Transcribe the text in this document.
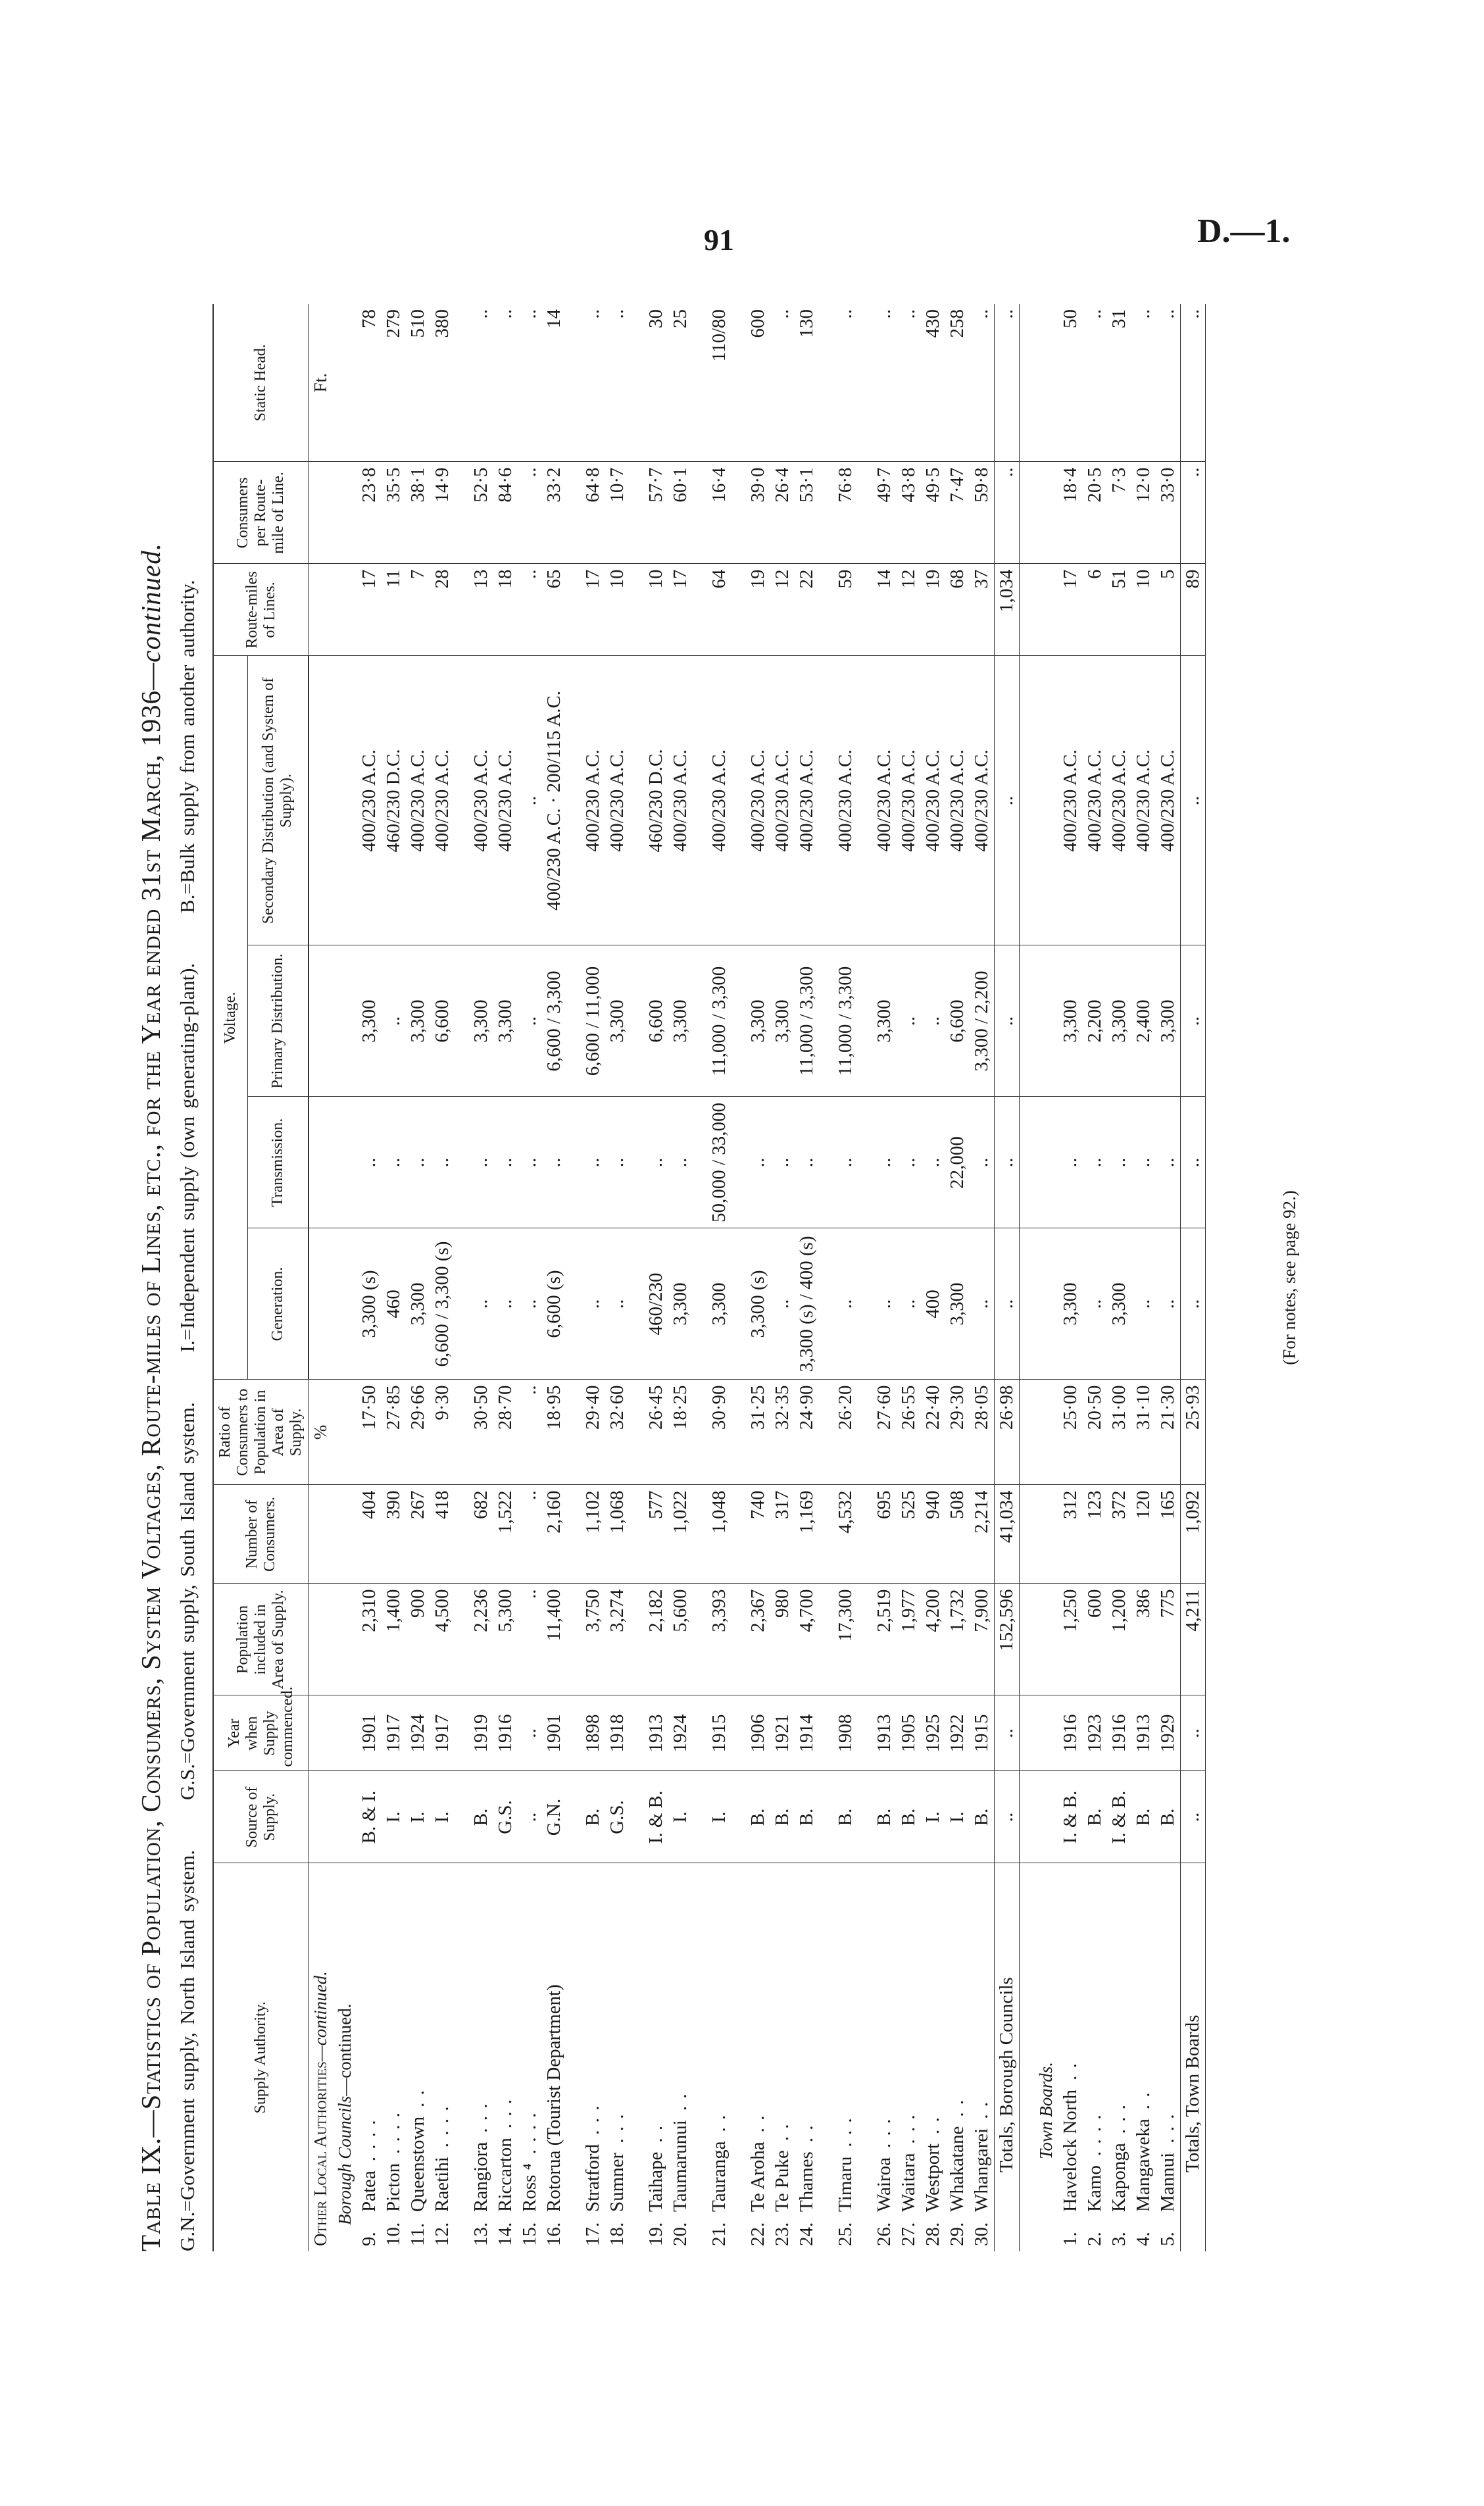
91	D.—1.
Table IX.—Statistics of Population, Consumers, System Voltages, Route-miles of Lines, etc., for the Year ended 31st March, 1936—continued.
G.N.=Government supply, North Island system. G.S.=Government supply, South Island system. I.=Independent supply (own generating-plant). B.=Bulk supply from another authority.
Supply Authority.	Source of Supply.	Year when Supply commenced.	Population included in Area of Supply.	Number of Consumers.	Ratio of Consumers to Population in Area of Supply.	Voltage.				Route-miles of Lines.	Consumers per Route-mile of Line.	Static Head.
						Generation.	Transmission.	Primary Distribution.	Secondary Distribution (and System of Supply).			
Other Local Authorities—continued.					%							Ft.
Borough Councils—continued.												
9.Patea. . . .	B. & I.	1901	2,310	404	17·50	3,300 (s)	..	3,300	400/230 A.C.	17	23·8	78
10.Picton. . . .	I.	1917	1,400	390	27·85	460	..	..	460/230 D.C.	11	35·5	279
11.Queenstown. .	I.	1924	900	267	29·66	3,300	..	3,300	400/230 A.C.	7	38·1	510
12.Raetihi. . . .	I.	1917	4,500	418	9·30	6,600 / 3,300 (s)	..	6,600	400/230 A.C.	28	14·9	380

13.Rangiora. . .	B.	1919	2,236	682	30·50	..	..	3,300	400/230 A.C.	13	52·5	..
14.Riccarton. . .	G.S.	1916	5,300	1,522	28·70	..	..	3,300	400/230 A.C.	18	84·6	..
15.Ross ⁴. . . .	..	..	..	..	..	..	..	..	..	..	..	..
16.Rotorua (Tourist Department)	G.N.	1901	11,400	2,160	18·95	6,600 (s)	..	6,600 / 3,300	400/230 A.C. · 200/115 A.C.	65	33·2	14

17.Stratford. . .	B.	1898	3,750	1,102	29·40	..	..	6,600 / 11,000	400/230 A.C.	17	64·8	..
18.Sumner. . .	G.S.	1918	3,274	1,068	32·60	..	..	3,300	400/230 A.C.	10	10·7	..

19.Taihape. .	I. & B.	1913	2,182	577	26·45	460/230	..	6,600	460/230 D.C.	10	57·7	30
20.Taumarunui. .	I.	1924	5,600	1,022	18·25	3,300	..	3,300	400/230 A.C.	17	60·1	25

21.Tauranga. .	I.	1915	3,393	1,048	30·90	3,300	50,000 / 33,000	11,000 / 3,300	400/230 A.C.	64	16·4	110/80

22.Te Aroha. .	B.	1906	2,367	740	31·25	3,300 (s)	..	3,300	400/230 A.C.	19	39·0	600
23.Te Puke. .	B.	1921	980	317	32·35	..	..	3,300	400/230 A.C.	12	26·4	..
24.Thames. .	B.	1914	4,700	1,169	24·90	3,300 (s) / 400 (s)	..	11,000 / 3,300	400/230 A.C.	22	53·1	130

25.Timaru. . .	B.	1908	17,300	4,532	26·20	..	..	11,000 / 3,300	400/230 A.C.	59	76·8	..

26.Wairoa. . .	B.	1913	2,519	695	27·60	..	..	3,300	400/230 A.C.	14	49·7	..
27.Waitara. . .	B.	1905	1,977	525	26·55	..	..	..	400/230 A.C.	12	43·8	..
28.Westport. .	I.	1925	4,200	940	22·40	400	..	..	400/230 A.C.	19	49·5	430
29.Whakatane. .	I.	1922	1,732	508	29·30	3,300	22,000	6,600	400/230 A.C.	68	7·47	258
30.Whangarei. .	B.	1915	7,900	2,214	28·05	..	..	3,300 / 2,200	400/230 A.C.	37	59·8	..
Totals, Borough Councils	..	..	152,596	41,034	26·98	..	..	..	..	1,034	..	..

Town Boards.												
1.Havelock North. .	I. & B.	1916	1,250	312	25·00	3,300	..	3,300	400/230 A.C.	17	18·4	50
2.Kamo. . . .	B.	1923	600	123	20·50	..	..	2,200	400/230 A.C.	6	20·5	..
3.Kaponga. . .	I. & B.	1916	1,200	372	31·00	3,300	..	3,300	400/230 A.C.	51	7·3	31
4.Mangaweka. .	B.	1913	386	120	31·10	..	..	2,400	400/230 A.C.	10	12·0	..
5.Mannui. . .	B.	1929	775	165	21·30	..	..	3,300	400/230 A.C.	5	33·0	..
Totals, Town Boards	..	..	4,211	1,092	25·93	..	..	..	..	89	..	..
(For notes, see page 92.)
